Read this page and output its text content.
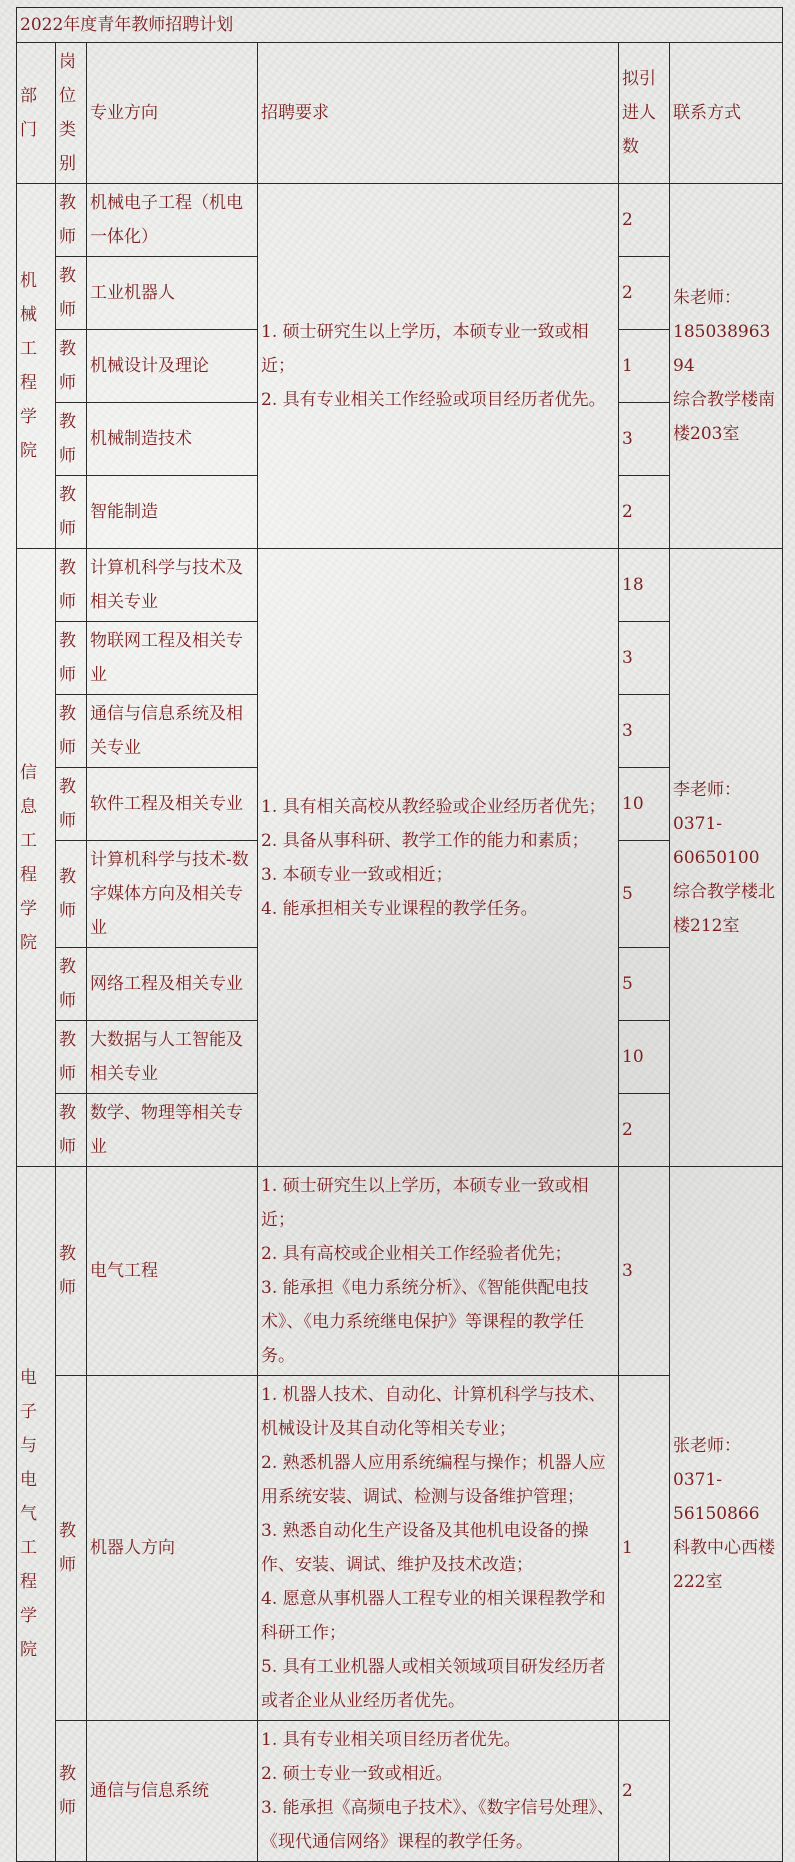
2022年度青年教师招聘计划					
部门	岗位类别	专业方向	招聘要求	拟引进人数	联系方式
机械工程学院	教师	机械电子工程（机电一体化）	1. 硕士研究生以上学历，本硕专业一致或相近；
2. 具有专业相关工作经验或项目经历者优先。	2	朱老师：
18503896394
综合教学楼南楼203室
	教师	工业机器人		2	
	教师	机械设计及理论		1	
	教师	机械制造技术		3	
	教师	智能制造		2	
信息工程学院	教师	计算机科学与技术及相关专业	1. 具有相关高校从教经验或企业经历者优先；
2. 具备从事科研、教学工作的能力和素质；
3. 本硕专业一致或相近；
4. 能承担相关专业课程的教学任务。	18	李老师：
0371-
60650100
综合教学楼北楼212室
	教师	物联网工程及相关专业		3	
	教师	通信与信息系统及相关专业		3	
	教师	软件工程及相关专业		10	
	教师	计算机科学与技术-数字媒体方向及相关专业		5	
	教师	网络工程及相关专业		5	
	教师	大数据与人工智能及相关专业		10	
	教师	数学、物理等相关专业		2	
电子与电气工程学院	教师	电气工程	1. 硕士研究生以上学历，本硕专业一致或相近；
2. 具有高校或企业相关工作经验者优先；
3. 能承担《电力系统分析》、《智能供配电技术》、《电力系统继电保护》等课程的教学任务。	3	张老师：
0371-
56150866
科教中心西楼222室
	教师	机器人方向	1. 机器人技术、自动化、计算机科学与技术、机械设计及其自动化等相关专业；
2. 熟悉机器人应用系统编程与操作；机器人应用系统安装、调试、检测与设备维护管理；
3. 熟悉自动化生产设备及其他机电设备的操作、安装、调试、维护及技术改造；
4. 愿意从事机器人工程专业的相关课程教学和科研工作；
5. 具有工业机器人或相关领域项目研发经历者或者企业从业经历者优先。	1	
	教师	通信与信息系统	1. 具有专业相关项目经历者优先。
2. 硕士专业一致或相近。
3. 能承担《高频电子技术》、《数字信号处理》、《现代通信网络》课程的教学任务。	2	
